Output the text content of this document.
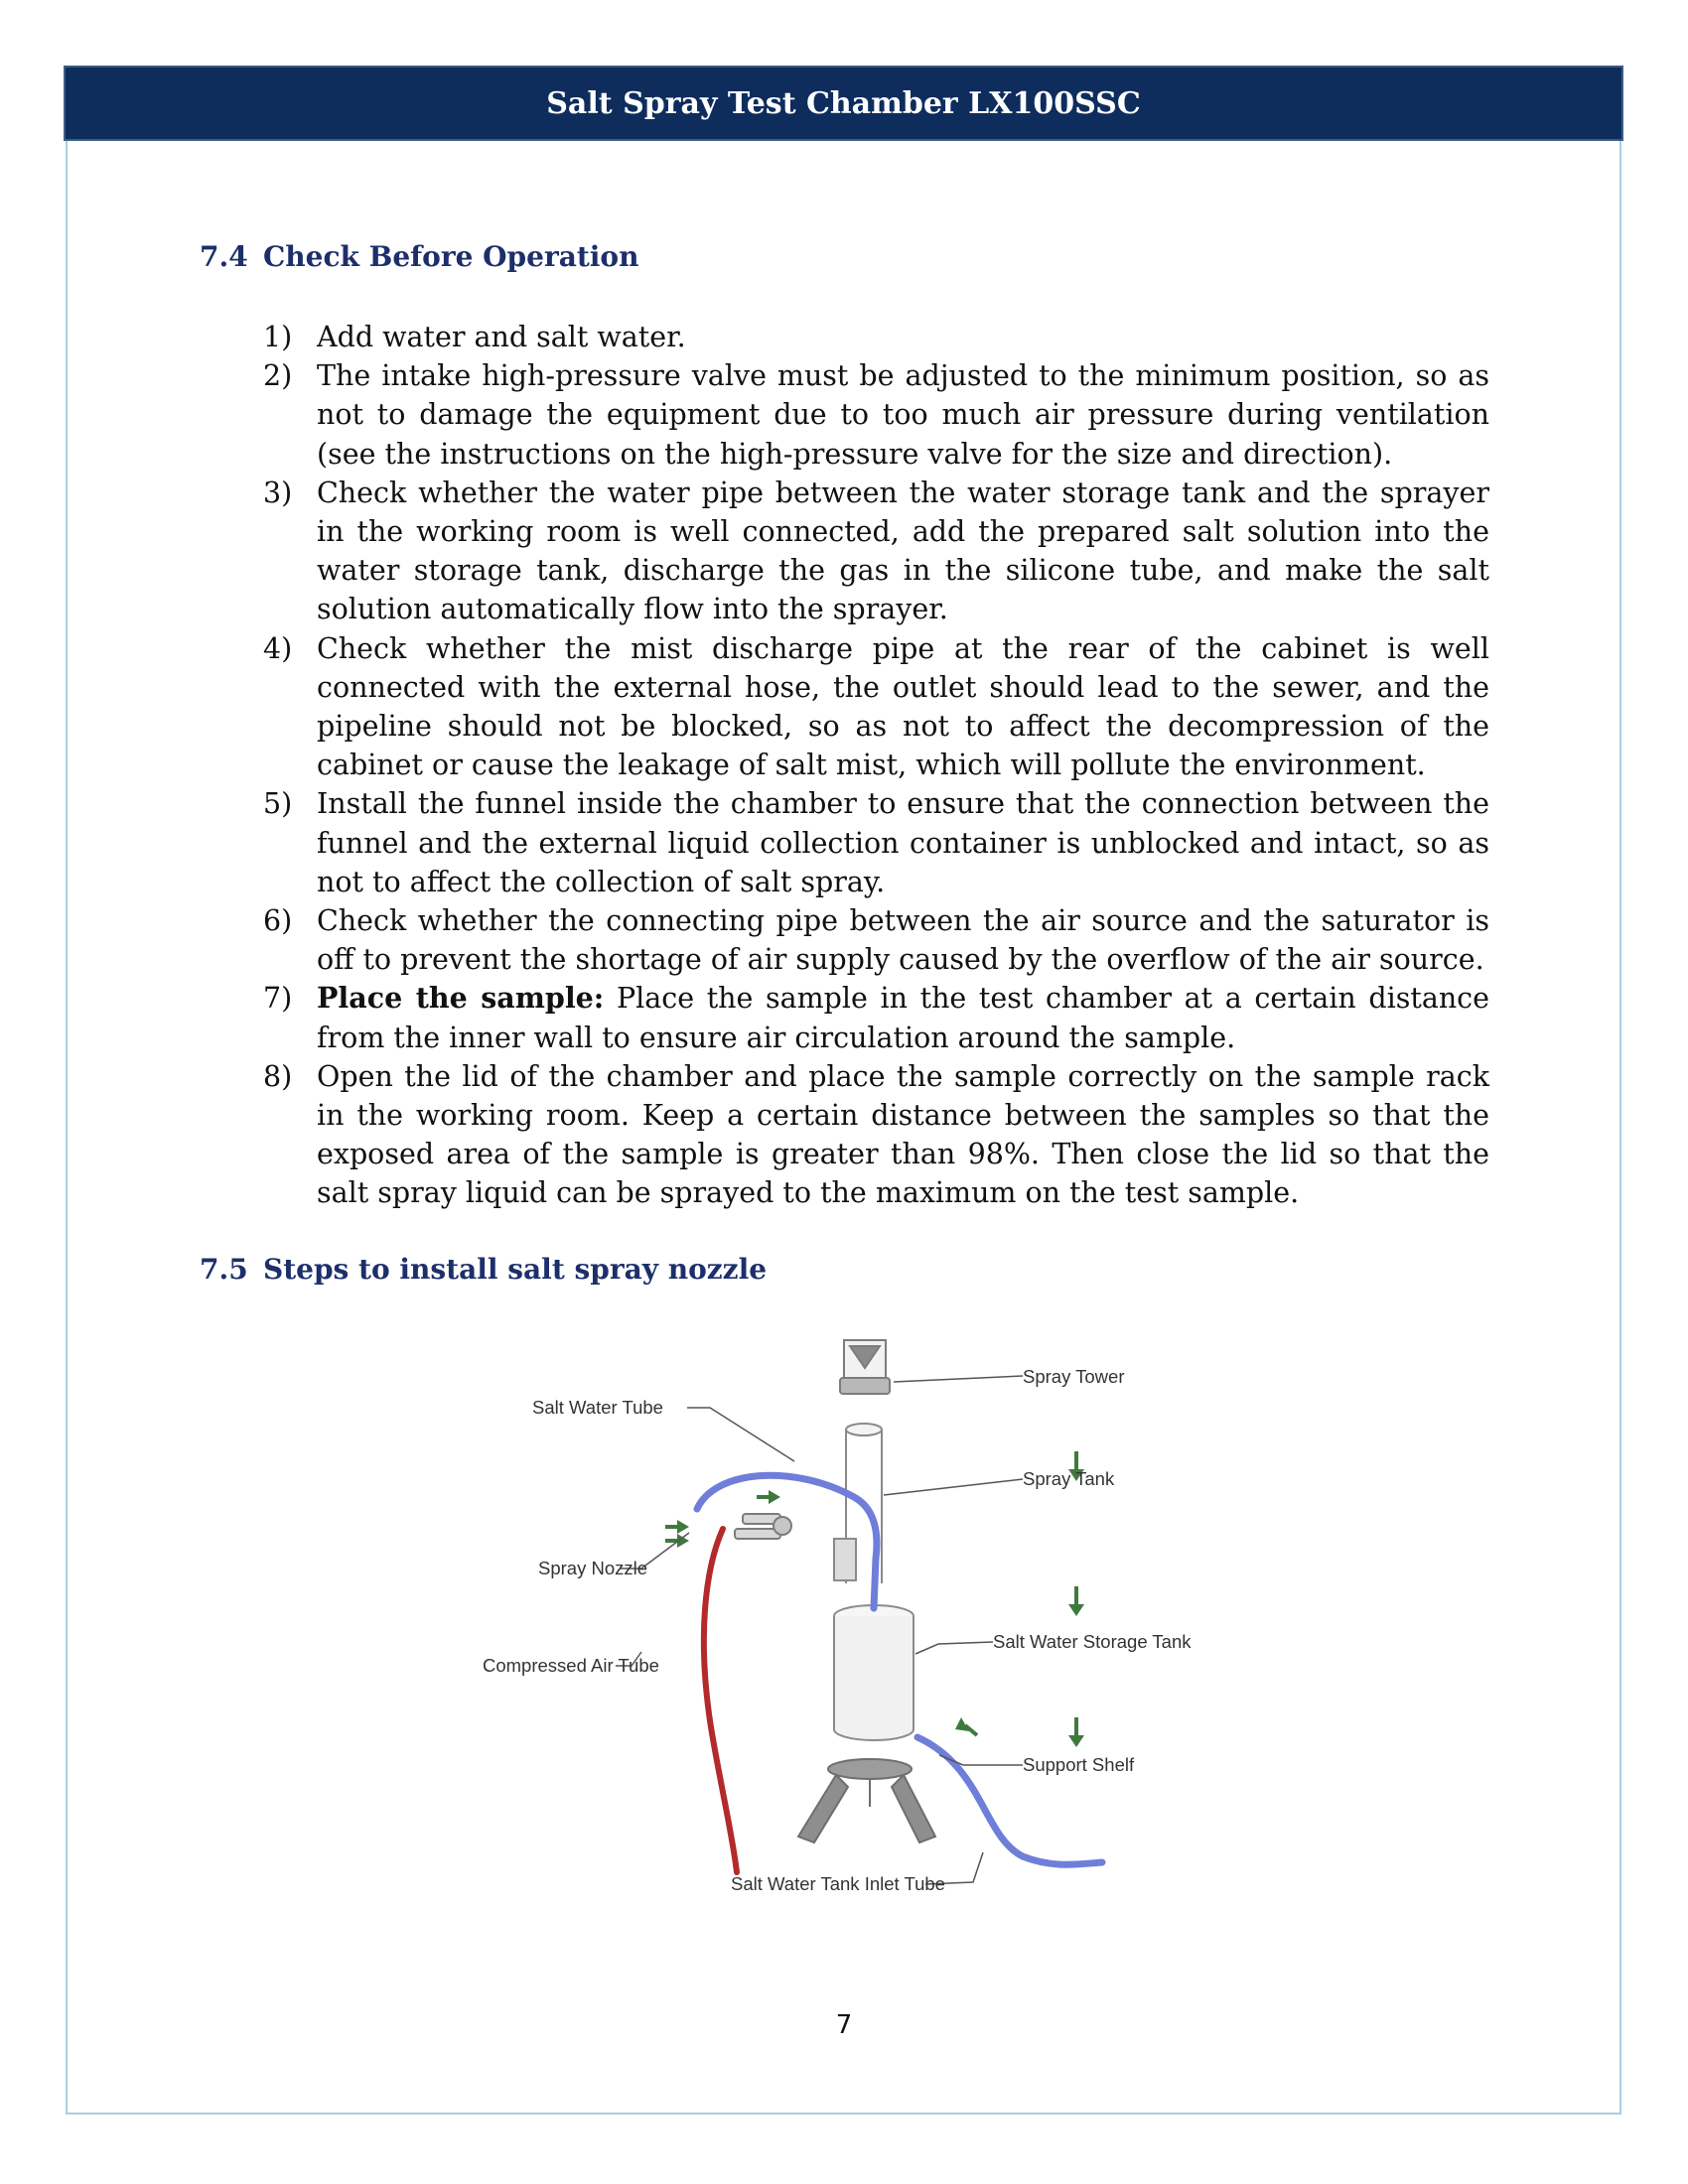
Salt Spray Test Chamber LX100SSC
7.4 Check Before Operation
1) Add water and salt water.
2) The intake high-pressure valve must be adjusted to the minimum position, so as not to damage the equipment due to too much air pressure during ventilation (see the instructions on the high-pressure valve for the size and direction).
3) Check whether the water pipe between the water storage tank and the sprayer in the working room is well connected, add the prepared salt solution into the water storage tank, discharge the gas in the silicone tube, and make the salt solution automatically flow into the sprayer.
4) Check whether the mist discharge pipe at the rear of the cabinet is well connected with the external hose, the outlet should lead to the sewer, and the pipeline should not be blocked, so as not to affect the decompression of the cabinet or cause the leakage of salt mist, which will pollute the environment.
5) Install the funnel inside the chamber to ensure that the connection between the funnel and the external liquid collection container is unblocked and intact, so as not to affect the collection of salt spray.
6) Check whether the connecting pipe between the air source and the saturator is off to prevent the shortage of air supply caused by the overflow of the air source.
7) Place the sample: Place the sample in the test chamber at a certain distance from the inner wall to ensure air circulation around the sample.
8) Open the lid of the chamber and place the sample correctly on the sample rack in the working room. Keep a certain distance between the samples so that the exposed area of the sample is greater than 98%. Then close the lid so that the salt spray liquid can be sprayed to the maximum on the test sample.
7.5 Steps to install salt spray nozzle
Spray Tower
Salt Water Tube
Spray Tank
Salt Water Storage Tank
Spray Nozzle
Support Shelf
Compressed Air Tube
Salt Water Tank Inlet Tube
7
